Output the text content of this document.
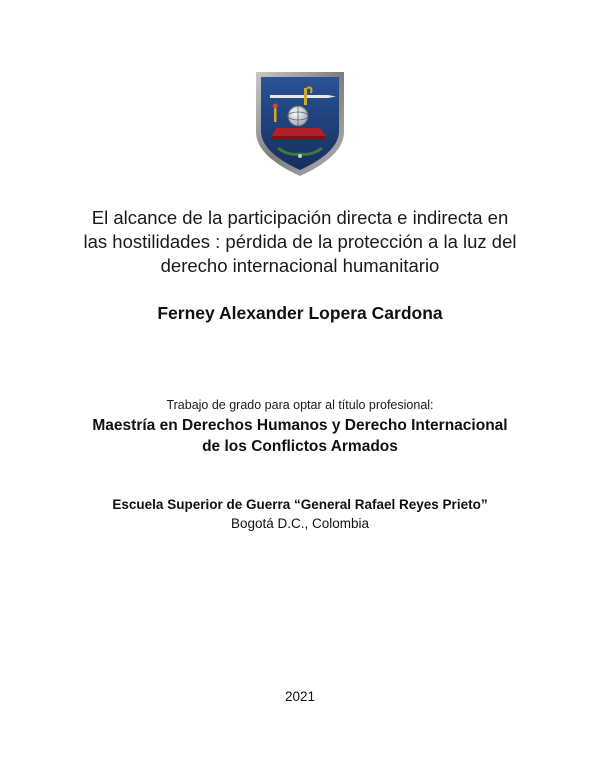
El alcance de la participación directa e indirecta en
las hostilidades : pérdida de la protección a la luz del
derecho internacional humanitario
Ferney Alexander Lopera Cardona
Trabajo de grado para optar al título profesional:
Maestría en Derechos Humanos y Derecho Internacional
de los Conflictos Armados
Escuela Superior de Guerra “General Rafael Reyes Prieto”
Bogotá D.C., Colombia
2021
